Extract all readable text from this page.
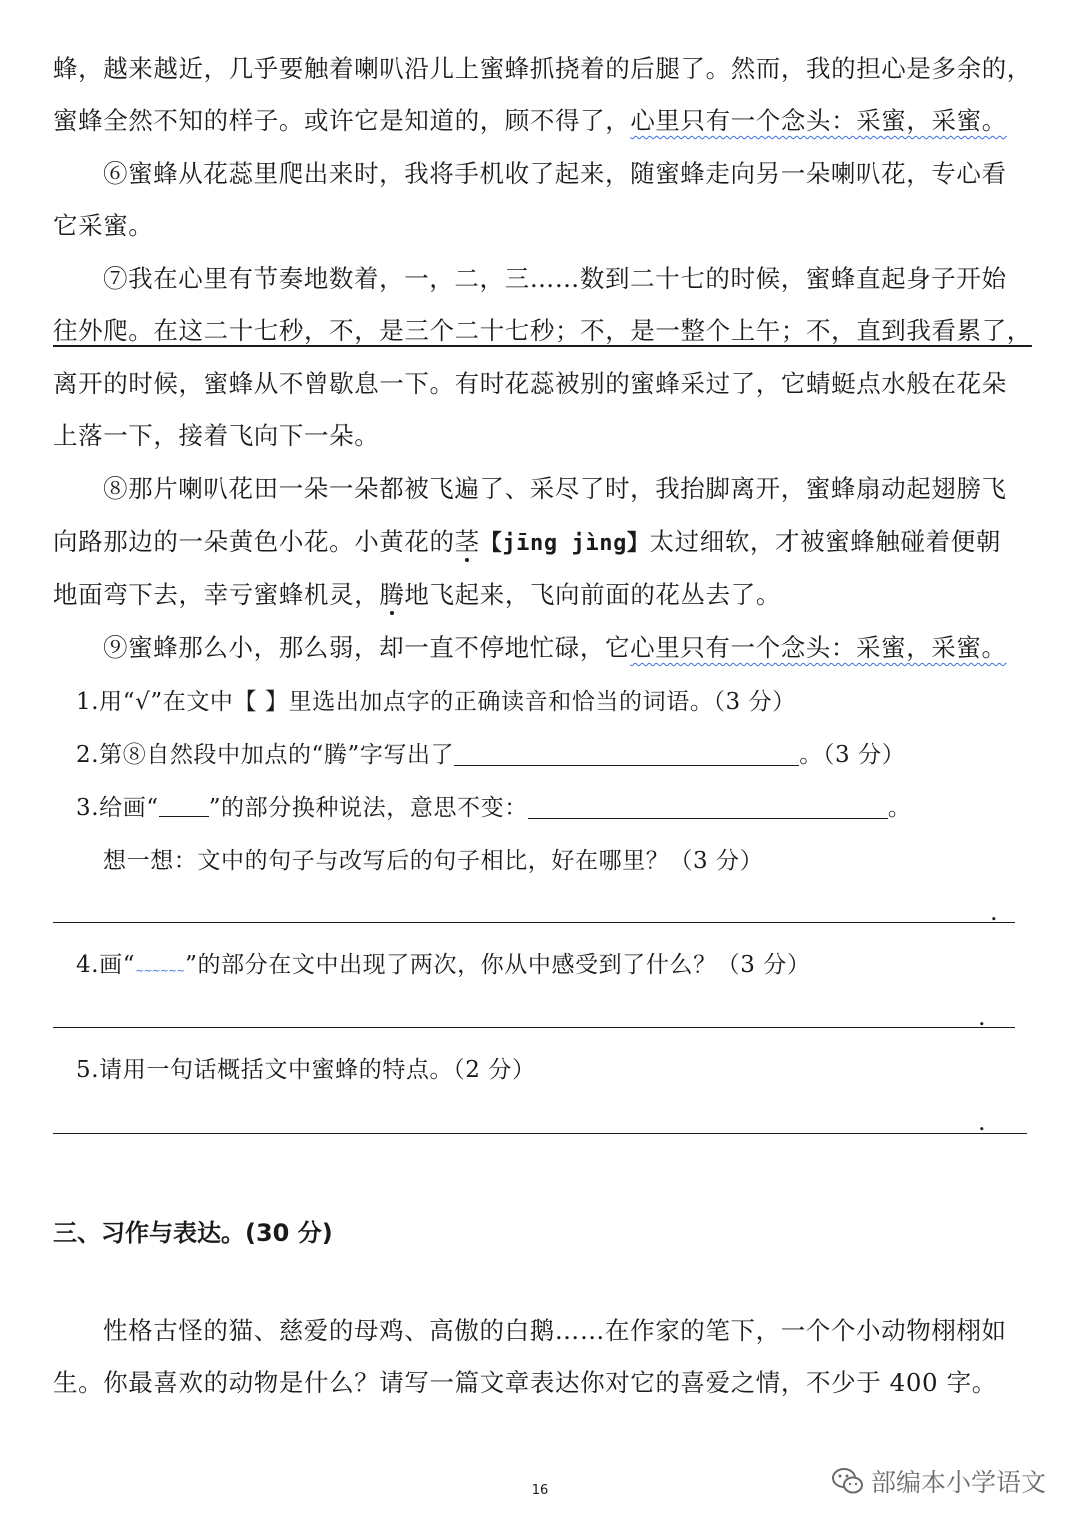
蜂，越来越近，几乎要触着喇叭沿儿上蜜蜂抓挠着的后腿了。然而，我的担心是多余的，
蜜蜂全然不知的样子。或许它是知道的，顾不得了，心里只有一个念头：采蜜，采蜜。
⑥蜜蜂从花蕊里爬出来时，我将手机收了起来，随蜜蜂走向另一朵喇叭花，专心看
它采蜜。
⑦我在心里有节奏地数着，一，二，三……数到二十七的时候，蜜蜂直起身子开始
往外爬。在这二十七秒，不，是三个二十七秒；不，是一整个上午；不，直到我看累了，
离开的时候，蜜蜂从不曾歇息一下。有时花蕊被别的蜜蜂采过了，它蜻蜓点水般在花朵
上落一下，接着飞向下一朵。
⑧那片喇叭花田一朵一朵都被飞遍了、采尽了时，我抬脚离开，蜜蜂扇动起翅膀飞
向路那边的一朵黄色小花。小黄花的茎【jīng jìng】太过细软，才被蜜蜂触碰着便朝
地面弯下去，幸亏蜜蜂机灵，腾地飞起来，飞向前面的花丛去了。
⑨蜜蜂那么小，那么弱，却一直不停地忙碌，它心里只有一个念头：采蜜，采蜜。
1.用“√”在文中【 】里选出加点字的正确读音和恰当的词语。（3 分）
2.第⑧自然段中加点的“腾”字写出了	。（3 分）
3.给画“ ”的部分换种说法，意思不变：	。
想一想：文中的句子与改写后的句子相比，好在哪里？（3 分）
.
4.画“~~~~~~ ”的部分在文中出现了两次，你从中感受到了什么？（3 分）
.
5.请用一句话概括文中蜜蜂的特点。（2 分）
.
三、习作与表达。(30 分)
性格古怪的猫、慈爱的母鸡、高傲的白鹅……在作家的笔下，一个个小动物栩栩如
生。你最喜欢的动物是什么？请写一篇文章表达你对它的喜爱之情，不少于 400 字。
16	部编本小学语文
